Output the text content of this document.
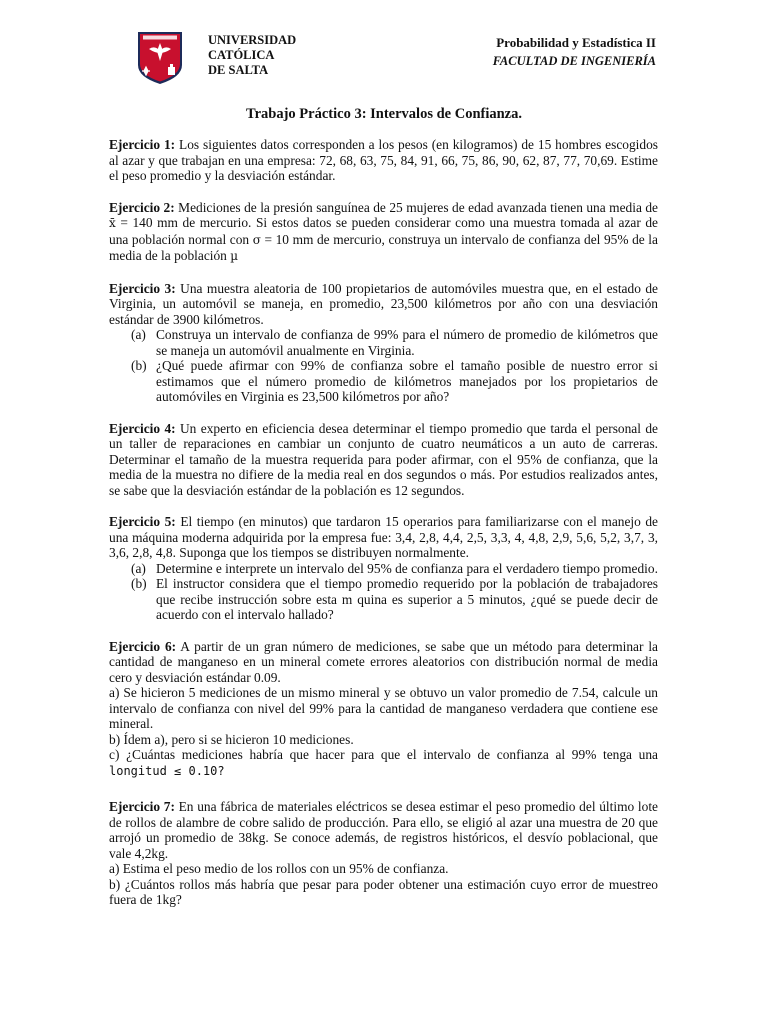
UNIVERSIDAD
CATÓLICA
DE SALTA
Probabilidad y Estadística II
FACULTAD DE INGENIERÍA
Trabajo Práctico 3: Intervalos de Confianza.
Ejercicio 1: Los siguientes datos corresponden a los pesos (en kilogramos) de 15 hombres escogidos al azar y que trabajan en una empresa: 72, 68, 63, 75, 84, 91, 66, 75, 86, 90, 62, 87, 77, 70,69. Estime el peso promedio y la desviación estándar.
Ejercicio 2: Mediciones de la presión sanguínea de 25 mujeres de edad avanzada tienen una media de x̄ = 140 mm de mercurio. Si estos datos se pueden considerar como una muestra tomada al azar de una población normal con σ = 10 mm de mercurio, construya un intervalo de confianza del 95% de la media de la población µ

Ejercicio 3: Una muestra aleatoria de 100 propietarios de automóviles muestra que, en el estado de Virginia, un automóvil se maneja, en promedio, 23,500 kilómetros por año con una desviación estándar de 3900 kilómetros.

(a) Construya un intervalo de confianza de 99% para el número de promedio de kilómetros que se maneja un automóvil anualmente en Virginia.
(b) ¿Qué puede afirmar con 99% de confianza sobre el tamaño posible de nuestro error si estimamos que el número promedio de kilómetros manejados por los propietarios de automóviles en Virginia es 23,500 kilómetros por año?
Ejercicio 4: Un experto en eficiencia desea determinar el tiempo promedio que tarda el personal de un taller de reparaciones en cambiar un conjunto de cuatro neumáticos a un auto de carreras. Determinar el tamaño de la muestra requerida para poder afirmar, con el 95% de confianza, que la media de la muestra no difiere de la media real en dos segundos o más. Por estudios realizados antes, se sabe que la desviación estándar de la población es 12 segundos.

Ejercicio 5: El tiempo (en minutos) que tardaron 15 operarios para familiarizarse con el manejo de una máquina moderna adquirida por la empresa fue: 3,4, 2,8, 4,4, 2,5, 3,3, 4, 4,8, 2,9, 5,6, 5,2, 3,7, 3, 3,6, 2,8, 4,8. Suponga que los tiempos se distribuyen normalmente.

(a) Determine e interprete un intervalo del 95% de confianza para el verdadero tiempo promedio.
(b) El instructor considera que el tiempo promedio requerido por la población de trabajadores que recibe instrucción sobre esta m quina es superior a 5 minutos, ¿qué se puede decir de acuerdo con el intervalo hallado?

Ejercicio 6: A partir de un gran número de mediciones, se sabe que un método para determinar la cantidad de manganeso en un mineral comete errores aleatorios con distribución normal de media cero y desviación estándar 0.09.

a) Se hicieron 5 mediciones de un mismo mineral y se obtuvo un valor promedio de 7.54, calcule un intervalo de confianza con nivel del 99% para la cantidad de manganeso verdadera que contiene ese mineral.

b) Ídem a), pero si se hicieron 10 mediciones.

c) ¿Cuántas mediciones habría que hacer para que el intervalo de confianza al 99% tenga una longitud ≤ 0.10?

Ejercicio 7: En una fábrica de materiales eléctricos se desea estimar el peso promedio del último lote de rollos de alambre de cobre salido de producción. Para ello, se eligió al azar una muestra de 20 que arrojó un promedio de 38kg. Se conoce además, de registros históricos, el desvío poblacional, que vale 4,2kg.

a) Estima el peso medio de los rollos con un 95% de confianza.

b) ¿Cuántos rollos más habría que pesar para poder obtener una estimación cuyo error de muestreo fuera de 1kg?
